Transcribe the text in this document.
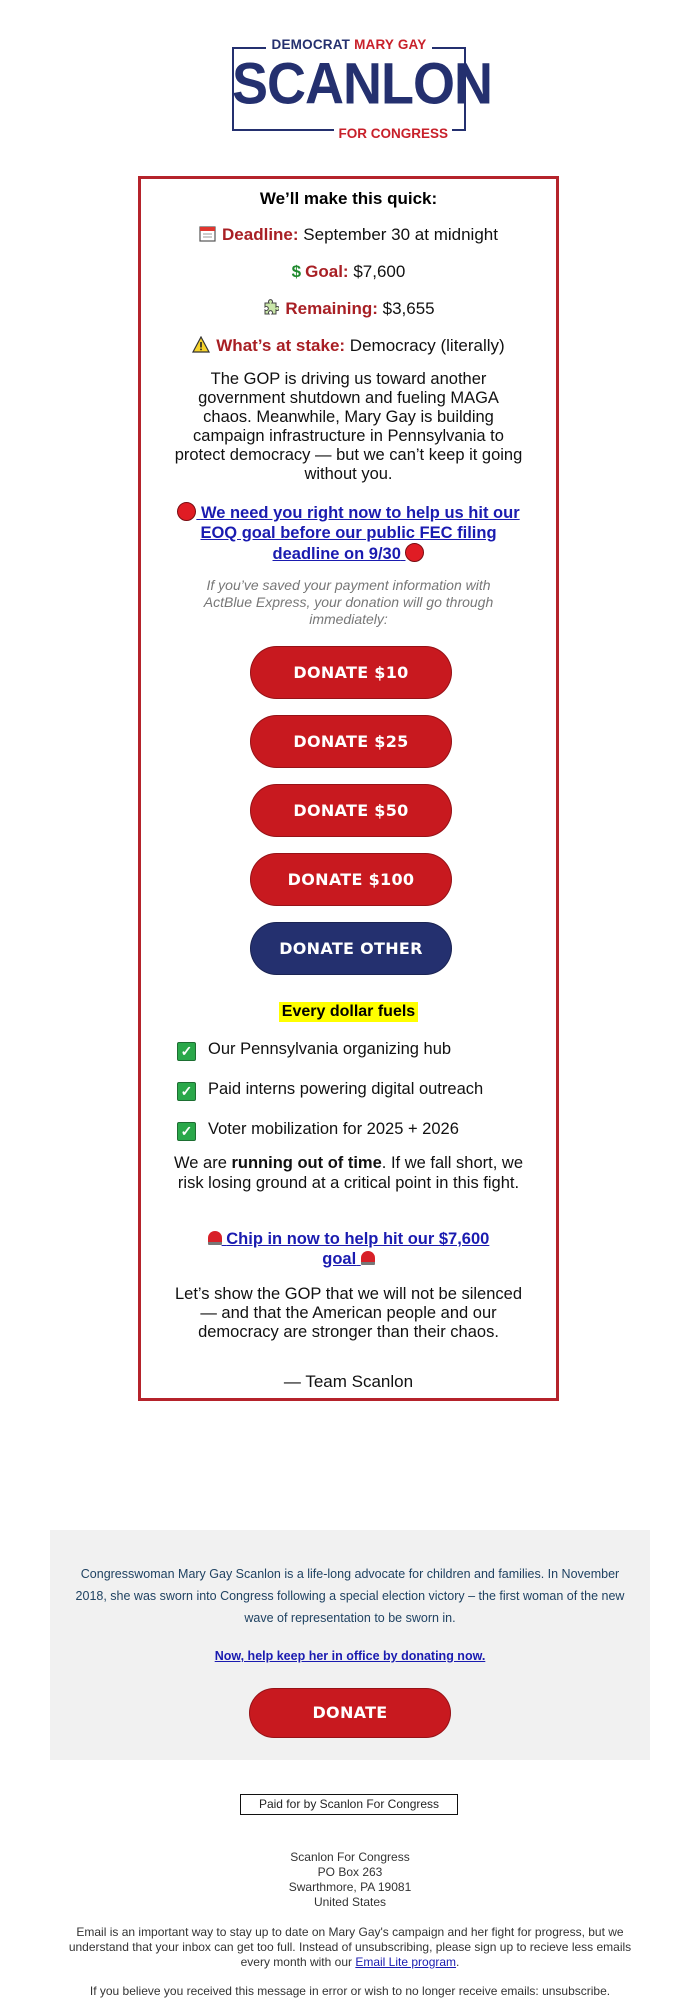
DEMOCRAT MARY GAY
SCANLON
FOR CONGRESS
We’ll make this quick:
Deadline: September 30 at midnight
$ Goal: $7,600
Remaining: $3,655
What’s at stake: Democracy (literally)
The GOP is driving us toward another government shutdown and fueling MAGA chaos. Meanwhile, Mary Gay is building campaign infrastructure in Pennsylvania to protect democracy — but we can’t keep it going without you.
We need you right now to help us hit our EOQ goal before our public FEC filing deadline on 9/30
If you’ve saved your payment information with ActBlue Express, your donation will go through immediately:
DONATE $10
DONATE $25
DONATE $50
DONATE $100
DONATE OTHER
Every dollar fuels
✓ Our Pennsylvania organizing hub
✓ Paid interns powering digital outreach
✓ Voter mobilization for 2025 + 2026
We are running out of time. If we fall short, we risk losing ground at a critical point in this fight.
Chip in now to help hit our $7,600 goal
Let’s show the GOP that we will not be silenced — and that the American people and our democracy are stronger than their chaos.
— Team Scanlon
Congresswoman Mary Gay Scanlon is a life-long advocate for children and families. In November 2018, she was sworn into Congress following a special election victory – the first woman of the new wave of representation to be sworn in.
Now, help keep her in office by donating now.
DONATE
Paid for by Scanlon For Congress
Scanlon For Congress
PO Box 263
Swarthmore, PA 19081
United States
Email is an important way to stay up to date on Mary Gay's campaign and her fight for progress, but we understand that your inbox can get too full. Instead of unsubscribing, please sign up to recieve less emails every month with our Email Lite program.
If you believe you received this message in error or wish to no longer receive emails: unsubscribe.
